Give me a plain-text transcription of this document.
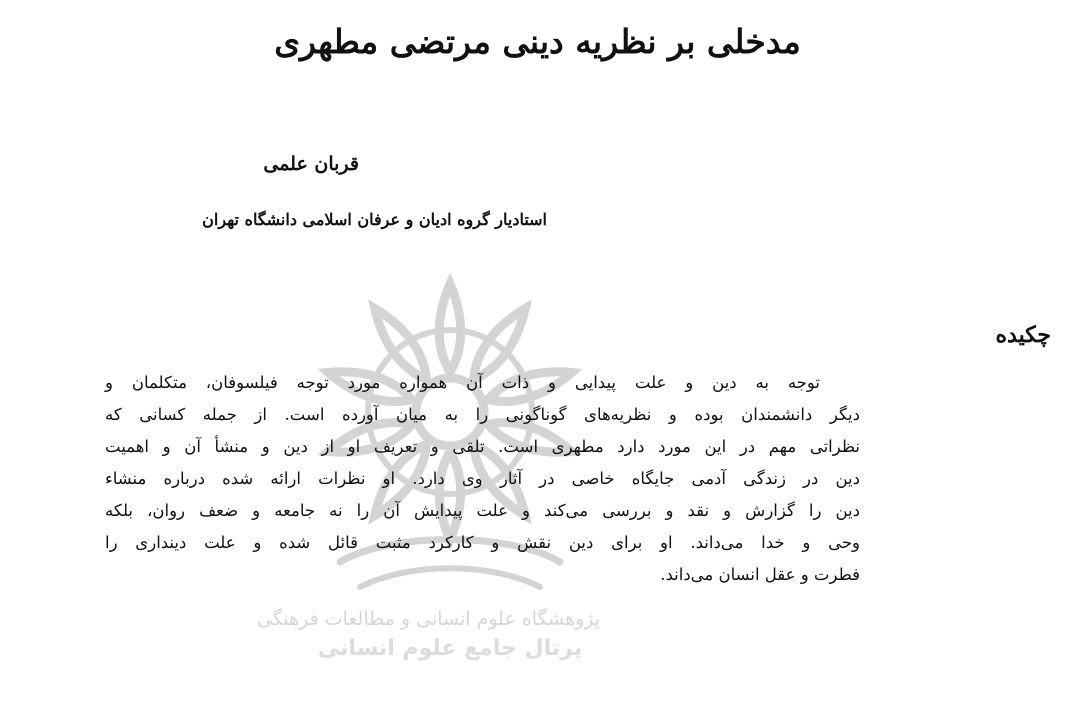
پژوهشگاه علوم انسانی و مطالعات فرهنگی
پرتال جامع علوم انسانی
مدخلی بر نظریه دینی مرتضی مطهری
قربان علمی
استادیار گروه ادیان و عرفان اسلامی دانشگاه تهران
چکیده
توجه به دین و علت پیدایی و ذات آن همواره مورد توجه فیلسوفان، متکلمان و
دیگر دانشمندان بوده و نظریه‌های گوناگونی را به میان آورده است. از جمله کسانی که
نظراتی مهم در این مورد دارد مطهری است. تلقی و تعریف او از دین و منشأ آن و اهمیت
دین در زندگی آدمی جایگاه خاصی در آثار وی دارد. او نظرات ارائه شده درباره منشاء
دین را گزارش و نقد و بررسی می‌کند و علت پیدایش آن را نه جامعه و ضعف روان، بلکه
وحی و خدا می‌داند. او برای دین نقش و کارکرد مثبت قائل شده و علت دینداری را
فطرت و عقل انسان می‌داند.
